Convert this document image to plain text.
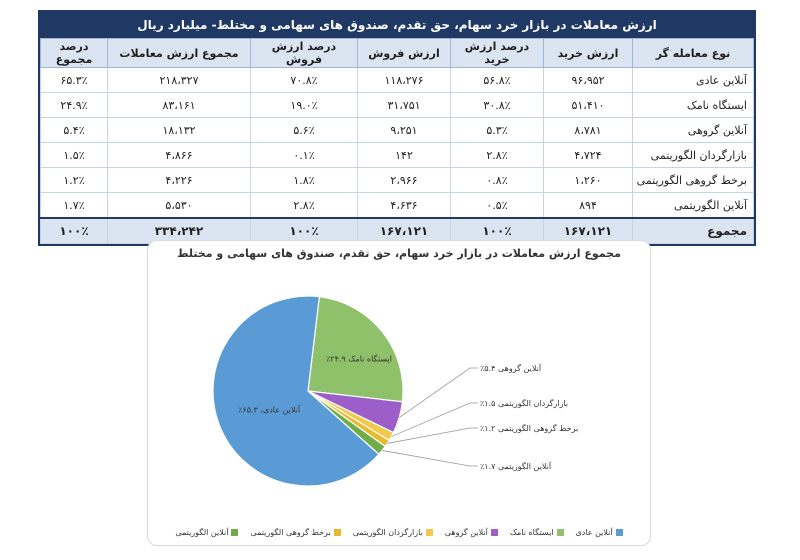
ارزش معاملات در بازار خرد سهام، حق تقدم، صندوق های سهامی و مختلط- میلیارد ریال
نوع معامله گر	ارزش خرید	درصد ارزش خرید	ارزش فروش	درصد ارزش فروش	مجموع ارزش معاملات	درصد مجموع
آنلاین عادی	۹۶،۹۵۲	۵۶.۸٪	۱۱۸،۲۷۶	۷۰.۸٪	۲۱۸،۳۲۷	۶۵.۳٪
ایستگاه نامک	۵۱،۴۱۰	۳۰.۸٪	۳۱،۷۵۱	۱۹.۰٪	۸۳،۱۶۱	۲۴.۹٪
آنلاین گروهی	۸،۷۸۱	۵.۳٪	۹،۲۵۱	۵.۶٪	۱۸،۱۳۲	۵.۴٪
بازارگردان الگوریتمی	۴،۷۲۴	۲.۸٪	۱۴۲	۰.۱٪	۴،۸۶۶	۱.۵٪
برخط گروهی الگوریتمی	۱،۲۶۰	۰.۸٪	۲،۹۶۶	۱.۸٪	۴،۲۲۶	۱.۲٪
آنلاین الگوریتمی	۸۹۴	۰.۵٪	۴،۶۳۶	۲.۸٪	۵،۵۳۰	۱.۷٪
مجموع	۱۶۷،۱۲۱	۱۰۰٪	۱۶۷،۱۲۱	۱۰۰٪	۳۳۴،۲۴۲	۱۰۰٪
مجموع ارزش معاملات در بازار خرد سهام، حق تقدم، صندوق های سهامی و مختلط
آنلاین عادی، ۶۵.۳٪
ایستگاه نامک ۲۴.۹٪
آنلاین گروهی ۵.۴٪
بازارگردان الگوریتمی ۱.۵٪
برخط گروهی الگوریتمی ۱.۲٪
آنلاین الگوریتمی ۱.۷٪
آنلاین عادی
ایستگاه نامک
آنلاین گروهی
بازارگردان الگوریتمی
برخط گروهی الگوریتمی
آنلاین الگوریتمی
